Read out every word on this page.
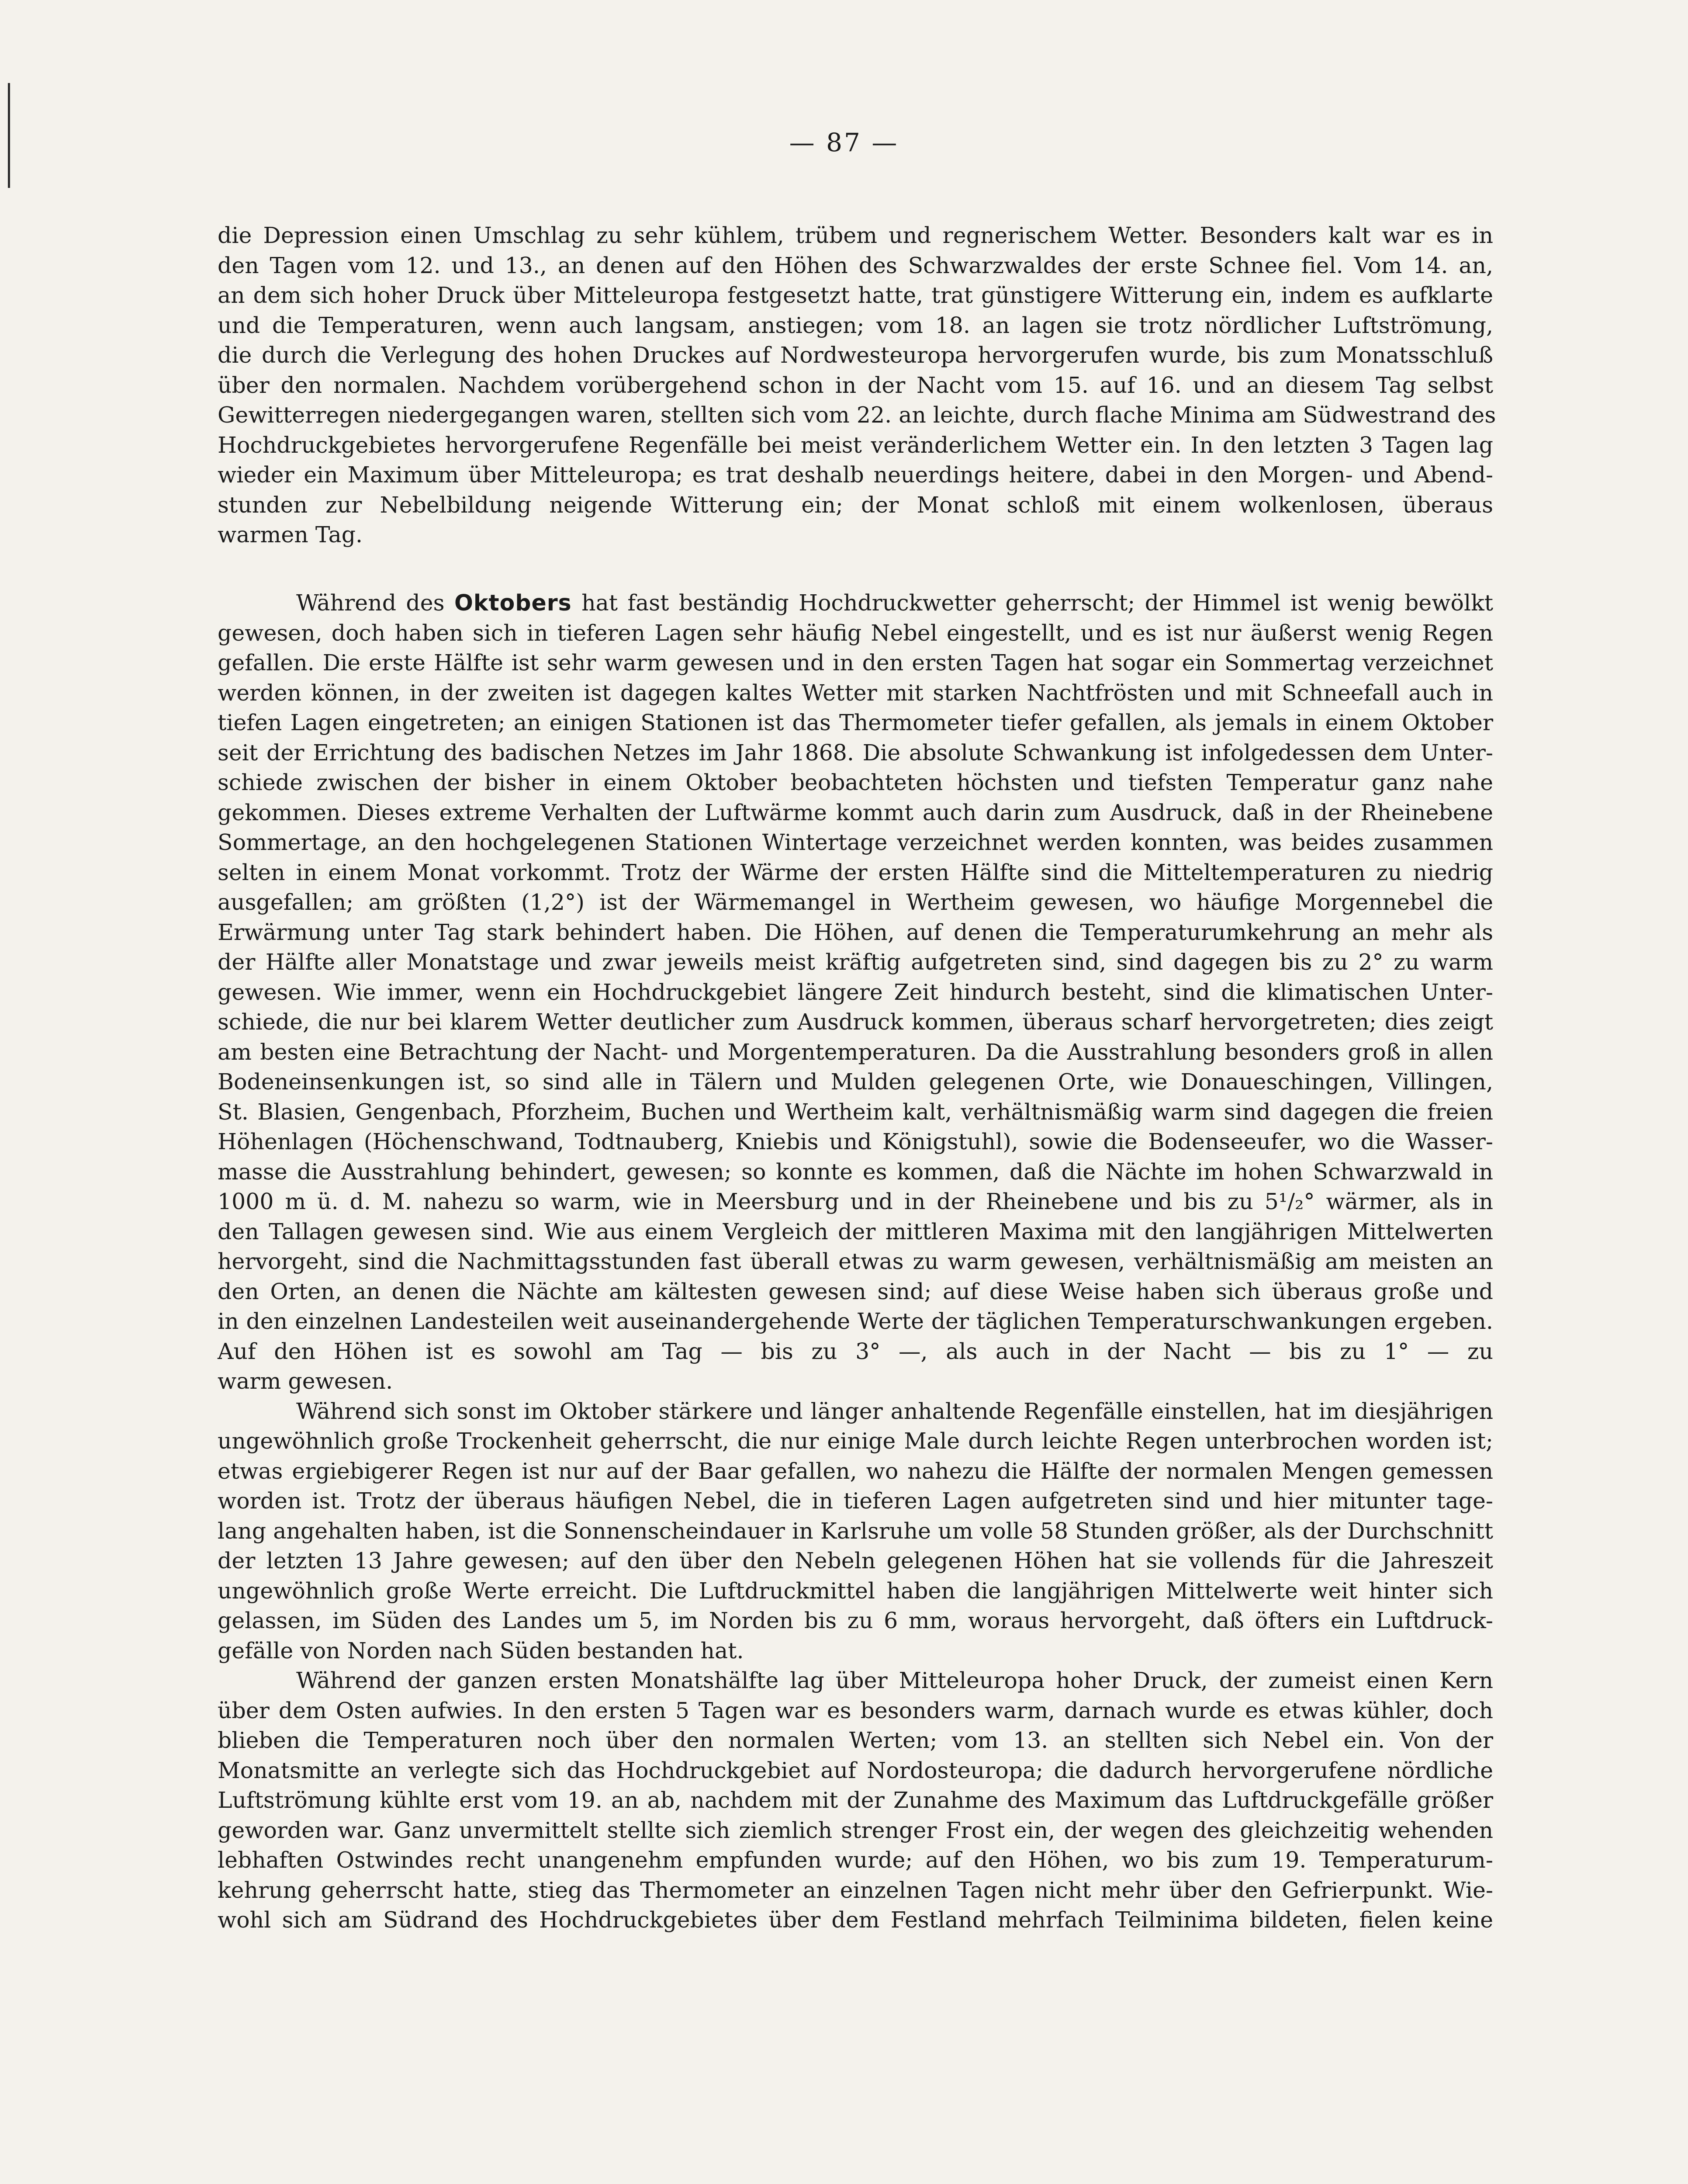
— 87 —
die Depression einen Umschlag zu sehr kühlem, trübem und regnerischem Wetter. Besonders kalt war es in
den Tagen vom 12. und 13., an denen auf den Höhen des Schwarzwaldes der erste Schnee fiel. Vom 14. an,
an dem sich hoher Druck über Mitteleuropa festgesetzt hatte, trat günstigere Witterung ein, indem es aufklarte
und die Temperaturen, wenn auch langsam, anstiegen; vom 18. an lagen sie trotz nördlicher Luftströmung,
die durch die Verlegung des hohen Druckes auf Nordwesteuropa hervorgerufen wurde, bis zum Monatsschluß
über den normalen. Nachdem vorübergehend schon in der Nacht vom 15. auf 16. und an diesem Tag selbst
Gewitterregen niedergegangen waren, stellten sich vom 22. an leichte, durch flache Minima am Südwestrand des
Hochdruckgebietes hervorgerufene Regenfälle bei meist veränderlichem Wetter ein. In den letzten 3 Tagen lag
wieder ein Maximum über Mitteleuropa; es trat deshalb neuerdings heitere, dabei in den Morgen- und Abend-
stunden zur Nebelbildung neigende Witterung ein; der Monat schloß mit einem wolkenlosen, überaus
warmen Tag.
Während des Oktobers hat fast beständig Hochdruckwetter geherrscht; der Himmel ist wenig bewölkt
gewesen, doch haben sich in tieferen Lagen sehr häufig Nebel eingestellt, und es ist nur äußerst wenig Regen
gefallen. Die erste Hälfte ist sehr warm gewesen und in den ersten Tagen hat sogar ein Sommertag verzeichnet
werden können, in der zweiten ist dagegen kaltes Wetter mit starken Nachtfrösten und mit Schneefall auch in
tiefen Lagen eingetreten; an einigen Stationen ist das Thermometer tiefer gefallen, als jemals in einem Oktober
seit der Errichtung des badischen Netzes im Jahr 1868. Die absolute Schwankung ist infolgedessen dem Unter-
schiede zwischen der bisher in einem Oktober beobachteten höchsten und tiefsten Temperatur ganz nahe
gekommen. Dieses extreme Verhalten der Luftwärme kommt auch darin zum Ausdruck, daß in der Rheinebene
Sommertage, an den hochgelegenen Stationen Wintertage verzeichnet werden konnten, was beides zusammen
selten in einem Monat vorkommt. Trotz der Wärme der ersten Hälfte sind die Mitteltemperaturen zu niedrig
ausgefallen; am größten (1,2°) ist der Wärmemangel in Wertheim gewesen, wo häufige Morgennebel die
Erwärmung unter Tag stark behindert haben. Die Höhen, auf denen die Temperaturumkehrung an mehr als
der Hälfte aller Monatstage und zwar jeweils meist kräftig aufgetreten sind, sind dagegen bis zu 2° zu warm
gewesen. Wie immer, wenn ein Hochdruckgebiet längere Zeit hindurch besteht, sind die klimatischen Unter-
schiede, die nur bei klarem Wetter deutlicher zum Ausdruck kommen, überaus scharf hervorgetreten; dies zeigt
am besten eine Betrachtung der Nacht- und Morgentemperaturen. Da die Ausstrahlung besonders groß in allen
Bodeneinsenkungen ist, so sind alle in Tälern und Mulden gelegenen Orte, wie Donaueschingen, Villingen,
St. Blasien, Gengenbach, Pforzheim, Buchen und Wertheim kalt, verhältnismäßig warm sind dagegen die freien
Höhenlagen (Höchenschwand, Todtnauberg, Kniebis und Königstuhl), sowie die Bodenseeufer, wo die Wasser-
masse die Ausstrahlung behindert, gewesen; so konnte es kommen, daß die Nächte im hohen Schwarzwald in
1000 m ü. d. M. nahezu so warm, wie in Meersburg und in der Rheinebene und bis zu 5¹/₂° wärmer, als in
den Tallagen gewesen sind. Wie aus einem Vergleich der mittleren Maxima mit den langjährigen Mittelwerten
hervorgeht, sind die Nachmittagsstunden fast überall etwas zu warm gewesen, verhältnismäßig am meisten an
den Orten, an denen die Nächte am kältesten gewesen sind; auf diese Weise haben sich überaus große und
in den einzelnen Landesteilen weit auseinandergehende Werte der täglichen Temperaturschwankungen ergeben.
Auf den Höhen ist es sowohl am Tag — bis zu 3° —, als auch in der Nacht — bis zu 1° — zu
warm gewesen.
Während sich sonst im Oktober stärkere und länger anhaltende Regenfälle einstellen, hat im diesjährigen
ungewöhnlich große Trockenheit geherrscht, die nur einige Male durch leichte Regen unterbrochen worden ist;
etwas ergiebigerer Regen ist nur auf der Baar gefallen, wo nahezu die Hälfte der normalen Mengen gemessen
worden ist. Trotz der überaus häufigen Nebel, die in tieferen Lagen aufgetreten sind und hier mitunter tage-
lang angehalten haben, ist die Sonnenscheindauer in Karlsruhe um volle 58 Stunden größer, als der Durchschnitt
der letzten 13 Jahre gewesen; auf den über den Nebeln gelegenen Höhen hat sie vollends für die Jahreszeit
ungewöhnlich große Werte erreicht. Die Luftdruckmittel haben die langjährigen Mittelwerte weit hinter sich
gelassen, im Süden des Landes um 5, im Norden bis zu 6 mm, woraus hervorgeht, daß öfters ein Luftdruck-
gefälle von Norden nach Süden bestanden hat.
Während der ganzen ersten Monatshälfte lag über Mitteleuropa hoher Druck, der zumeist einen Kern
über dem Osten aufwies. In den ersten 5 Tagen war es besonders warm, darnach wurde es etwas kühler, doch
blieben die Temperaturen noch über den normalen Werten; vom 13. an stellten sich Nebel ein. Von der
Monatsmitte an verlegte sich das Hochdruckgebiet auf Nordosteuropa; die dadurch hervorgerufene nördliche
Luftströmung kühlte erst vom 19. an ab, nachdem mit der Zunahme des Maximum das Luftdruckgefälle größer
geworden war. Ganz unvermittelt stellte sich ziemlich strenger Frost ein, der wegen des gleichzeitig wehenden
lebhaften Ostwindes recht unangenehm empfunden wurde; auf den Höhen, wo bis zum 19. Temperaturum-
kehrung geherrscht hatte, stieg das Thermometer an einzelnen Tagen nicht mehr über den Gefrierpunkt. Wie-
wohl sich am Südrand des Hochdruckgebietes über dem Festland mehrfach Teilminima bildeten, fielen keine
